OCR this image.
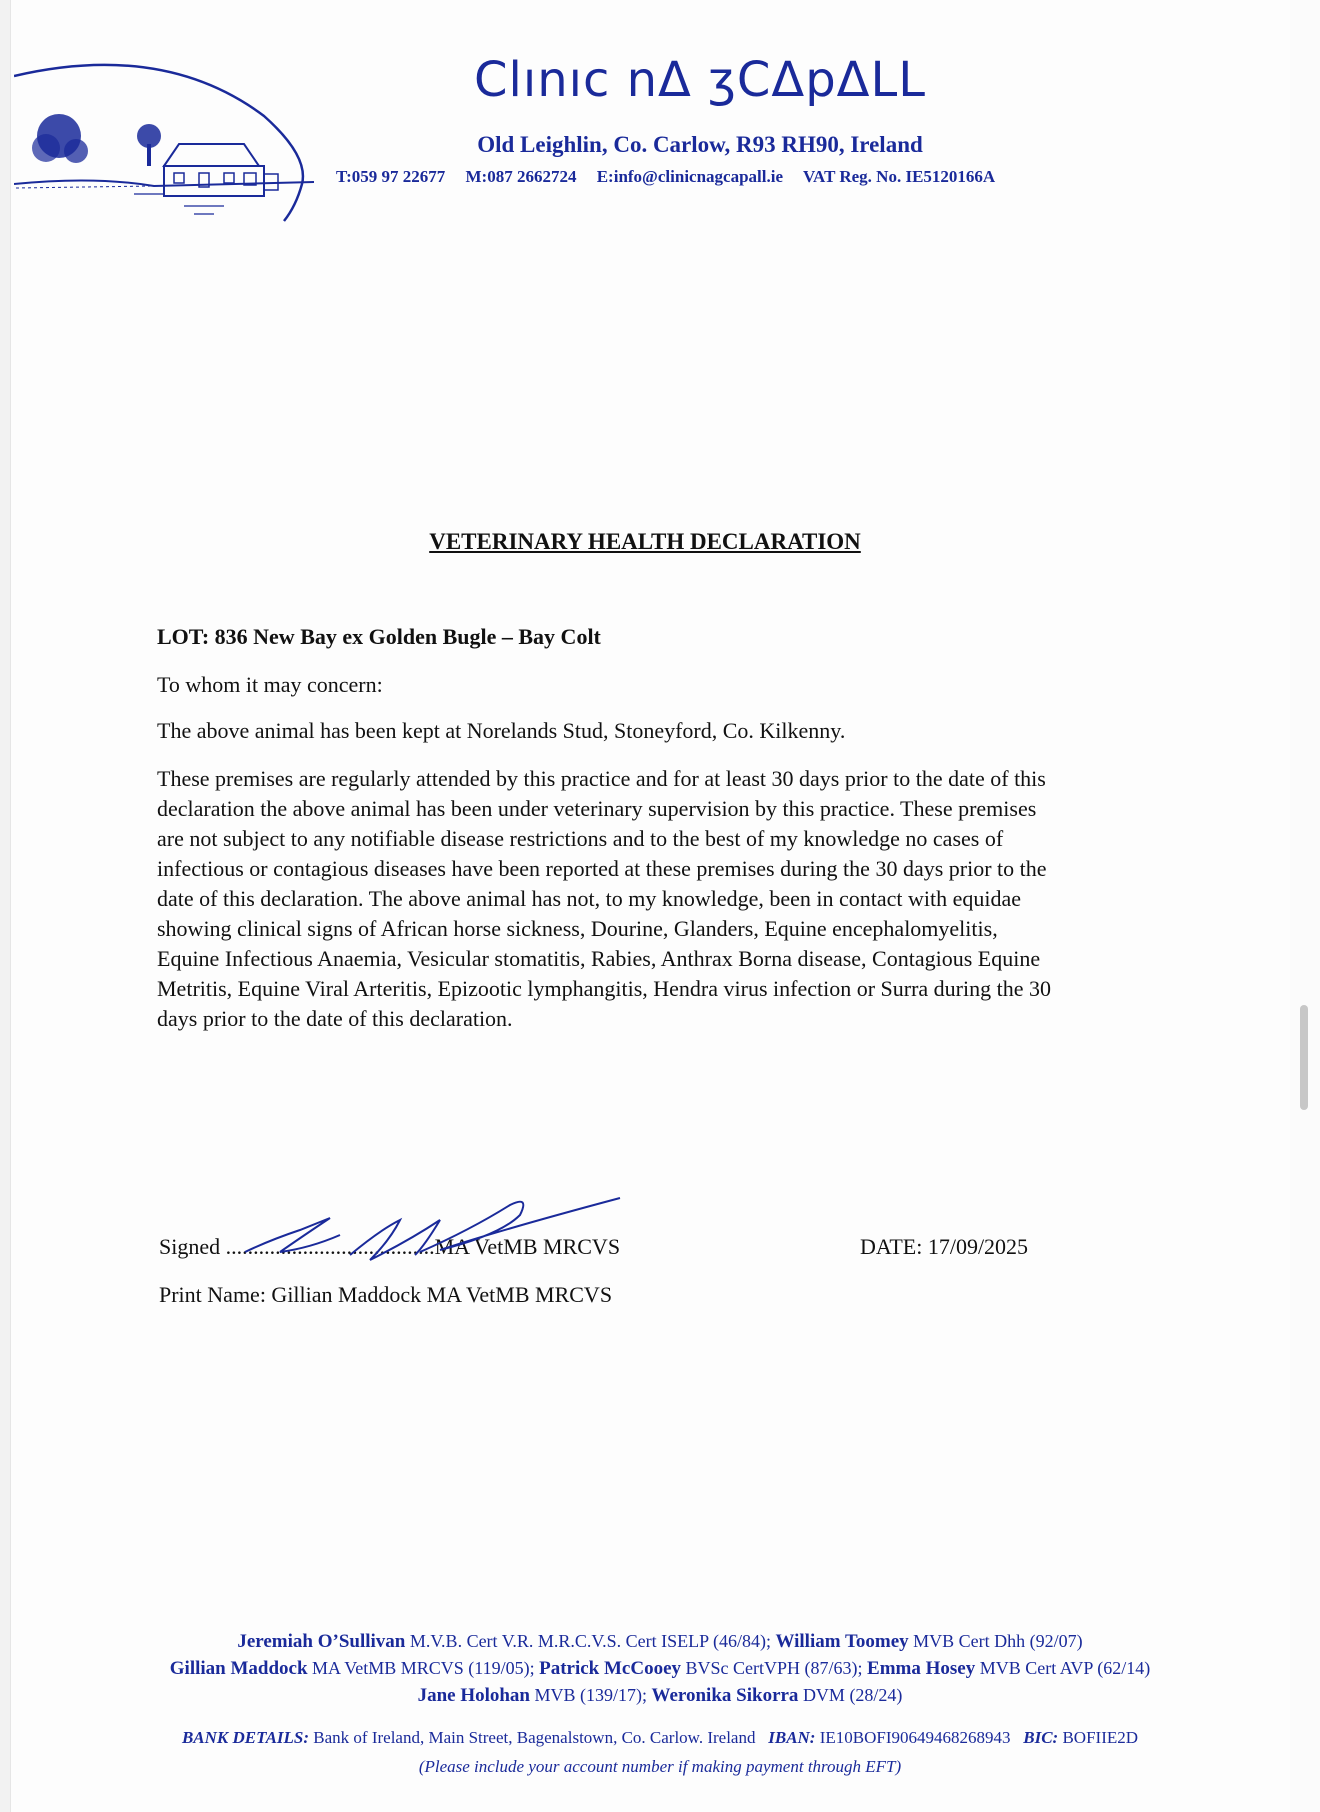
Clınıc nΔ ʒCΔpΔLL
Old Leighlin, Co. Carlow, R93 RH90, Ireland
T:059 97 22677 M:087 2662724 E:info@clinicnagcapall.ie VAT Reg. No. IE5120166A
VETERINARY HEALTH DECLARATION
LOT: 836 New Bay ex Golden Bugle – Bay Colt
To whom it may concern:
The above animal has been kept at Norelands Stud, Stoneyford, Co. Kilkenny.
These premises are regularly attended by this practice and for at least 30 days prior to the date of this
declaration the above animal has been under veterinary supervision by this practice. These premises
are not subject to any notifiable disease restrictions and to the best of my knowledge no cases of
infectious or contagious diseases have been reported at these premises during the 30 days prior to the
date of this declaration. The above animal has not, to my knowledge, been in contact with equidae
showing clinical signs of African horse sickness, Dourine, Glanders, Equine encephalomyelitis,
Equine Infectious Anaemia, Vesicular stomatitis, Rabies, Anthrax Borna disease, Contagious Equine
Metritis, Equine Viral Arteritis, Epizootic lymphangitis, Hendra virus infection or Surra during the 30
days prior to the date of this declaration.
Signed ......................................MA VetMB MRCVS	DATE: 17/09/2025
Print Name: Gillian Maddock MA VetMB MRCVS
Jeremiah O’Sullivan M.V.B. Cert V.R. M.R.C.V.S. Cert ISELP (46/84); William Toomey MVB Cert Dhh (92/07)
Gillian Maddock MA VetMB MRCVS (119/05); Patrick McCooey BVSc CertVPH (87/63); Emma Hosey MVB Cert AVP (62/14)
Jane Holohan MVB (139/17); Weronika Sikorra DVM (28/24)
BANK DETAILS: Bank of Ireland, Main Street, Bagenalstown, Co. Carlow. Ireland IBAN: IE10BOFI90649468268943 BIC: BOFIIE2D
(Please include your account number if making payment through EFT)
